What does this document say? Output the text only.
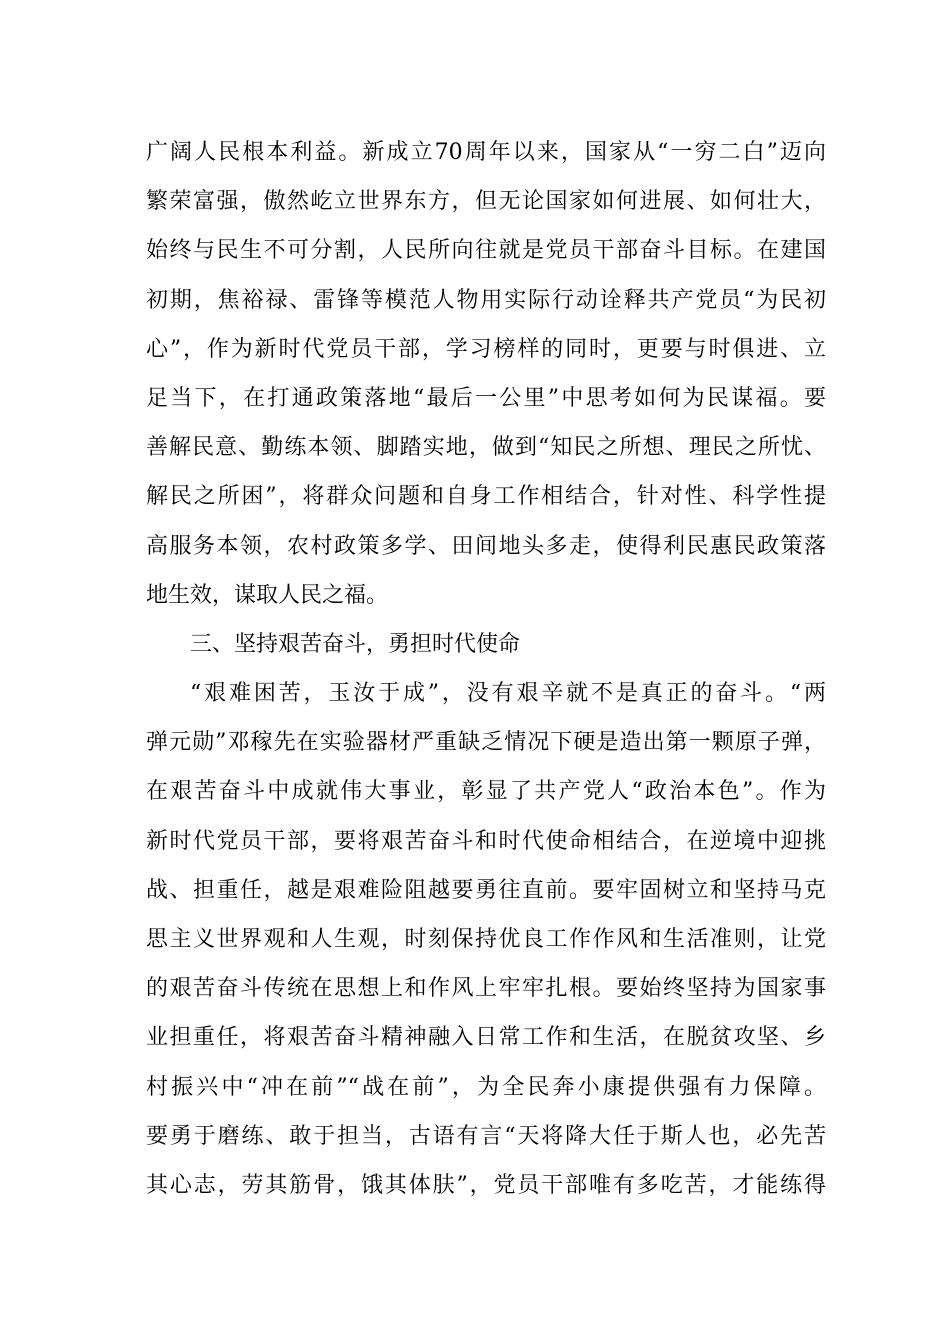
广阔人民根本利益。新成立70周年以来，国家从“一穷二白”迈向
繁荣富强，傲然屹立世界东方，但无论国家如何进展、如何壮大，
始终与民生不可分割，人民所向往就是党员干部奋斗目标。在建国
初期，焦裕禄、雷锋等模范人物用实际行动诠释共产党员“为民初
心”，作为新时代党员干部，学习榜样的同时，更要与时俱进、立
足当下，在打通政策落地“最后一公里”中思考如何为民谋福。要
善解民意、勤练本领、脚踏实地，做到“知民之所想、理民之所忧、
解民之所困”，将群众问题和自身工作相结合，针对性、科学性提
高服务本领，农村政策多学、田间地头多走，使得利民惠民政策落
地生效，谋取人民之福。
三、坚持艰苦奋斗，勇担时代使命
“艰难困苦，玉汝于成”，没有艰辛就不是真正的奋斗。“两
弹元勋”邓稼先在实验器材严重缺乏情况下硬是造出第一颗原子弹，
在艰苦奋斗中成就伟大事业，彰显了共产党人“政治本色”。作为
新时代党员干部，要将艰苦奋斗和时代使命相结合，在逆境中迎挑
战、担重任，越是艰难险阻越要勇往直前。要牢固树立和坚持马克
思主义世界观和人生观，时刻保持优良工作作风和生活准则，让党
的艰苦奋斗传统在思想上和作风上牢牢扎根。要始终坚持为国家事
业担重任，将艰苦奋斗精神融入日常工作和生活，在脱贫攻坚、乡
村振兴中“冲在前”“战在前”，为全民奔小康提供强有力保障。
要勇于磨练、敢于担当，古语有言“天将降大任于斯人也，必先苦
其心志，劳其筋骨，饿其体肤”，党员干部唯有多吃苦，才能练得
